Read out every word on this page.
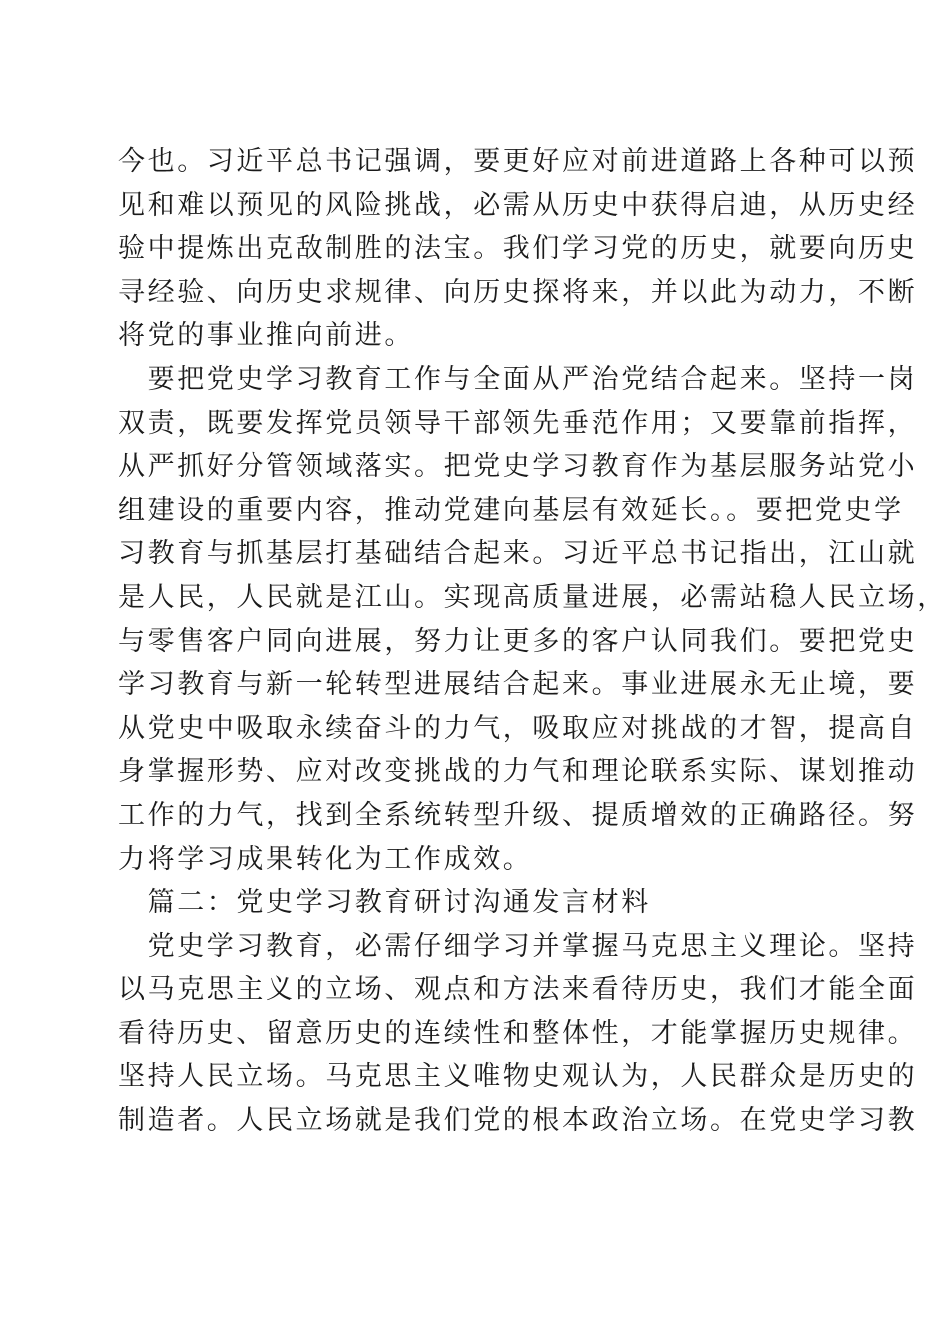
今也。习近平总书记强调，要更好应对前进道路上各种可以预
见和难以预见的风险挑战，必需从历史中获得启迪，从历史经
验中提炼出克敌制胜的法宝。我们学习党的历史，就要向历史
寻经验、向历史求规律、向历史探将来，并以此为动力，不断
将党的事业推向前进。
　要把党史学习教育工作与全面从严治党结合起来。坚持一岗
双责，既要发挥党员领导干部领先垂范作用；又要靠前指挥，
从严抓好分管领域落实。把党史学习教育作为基层服务站党小
组建设的重要内容，推动党建向基层有效延长。。要把党史学
习教育与抓基层打基础结合起来。习近平总书记指出，江山就
是人民，人民就是江山。实现高质量进展，必需站稳人民立场，
与零售客户同向进展，努力让更多的客户认同我们。要把党史
学习教育与新一轮转型进展结合起来。事业进展永无止境，要
从党史中吸取永续奋斗的力气，吸取应对挑战的才智，提高自
身掌握形势、应对改变挑战的力气和理论联系实际、谋划推动
工作的力气，找到全系统转型升级、提质增效的正确路径。努
力将学习成果转化为工作成效。
　篇二：党史学习教育研讨沟通发言材料
　党史学习教育，必需仔细学习并掌握马克思主义理论。坚持
以马克思主义的立场、观点和方法来看待历史，我们才能全面
看待历史、留意历史的连续性和整体性，才能掌握历史规律。
坚持人民立场。马克思主义唯物史观认为，人民群众是历史的
制造者。人民立场就是我们党的根本政治立场。在党史学习教
